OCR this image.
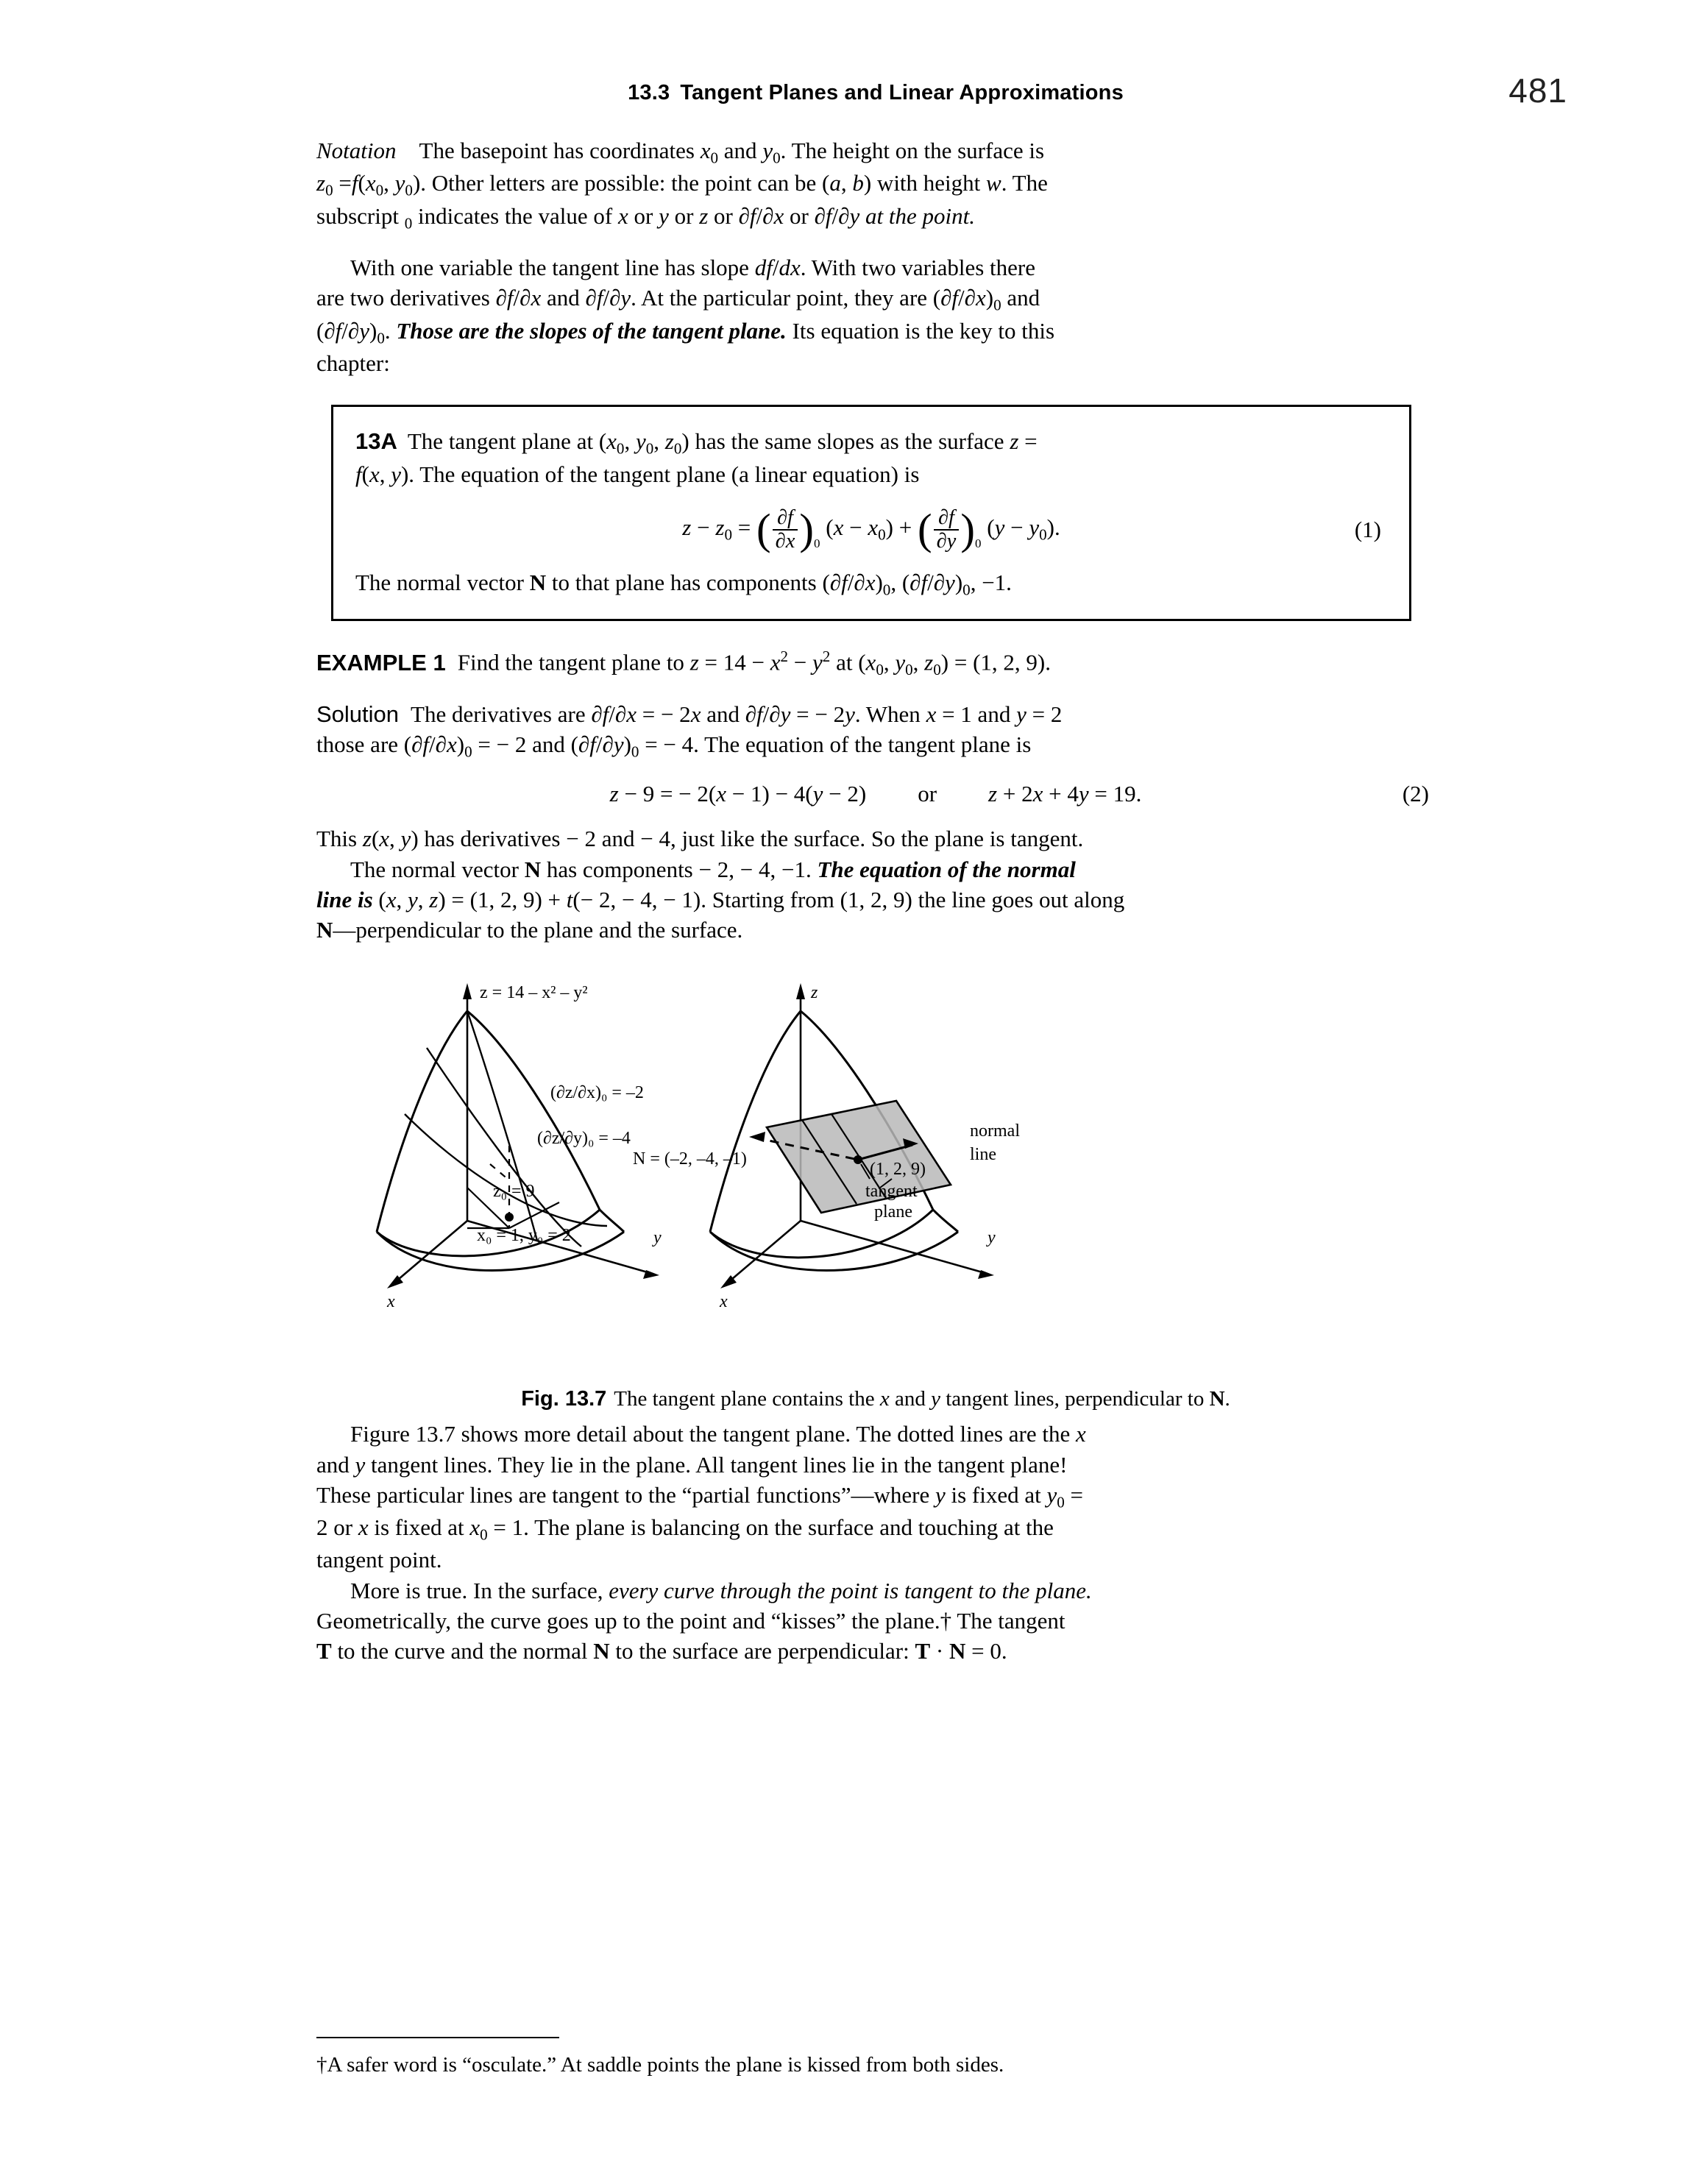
13.3 Tangent Planes and Linear Approximations	481

Notation    The basepoint has coordinates $x_0$ and $y_0$. The height on the surface is

$z_0 =f(x_0$, $y_0$). Other letters are possible: the point can be (a, b) with height w. The

subscript $_0$ indicates the value of x or y or z or ∂f/∂x or ∂f/∂y at the point.

With one variable the tangent line has slope df/dx. With two variables there

are two derivatives ∂f/∂x and ∂f/∂y. At the particular point, they are $(\partial f/\partial x)_0$ and

$(\partial f/\partial y)_0$. Those are the slopes of the tangent plane. Its equation is the key to this

chapter:

13A The tangent plane at ($x_0$, $y_0$, $z_0$) has the same slopes as the surface z =

f(x, y). The equation of the tangent plane (a linear equation) is

$z - z_0$ = ( $\frac{\partial f}{\partial x} )_0$ $(x - x_0)$ + ( $\frac{\partial f}{\partial y} )_0$ $(y - y_0)$.	(1)

The normal vector N to that plane has components $(\partial f/\partial x)_0$, $(\partial f/\partial y)_0$, −1.

EXAMPLE 1 Find the tangent plane to $z = 14 - x^2 - y^2$ at ($x_0$, $y_0$, $z_0) = (1$, 2, 9).

Solution The derivatives are ∂f/∂x = − 2x and ∂f/∂y = − 2y. When x = 1 and y = 2

those are $(\partial f/\partial x)_0$ = − 2 and $(\partial f/\partial y)_0$ = − 4. The equation of the tangent plane is

z − 9 = − 2(x − 1) − 4(y − 2) or z + 2x + 4y = 19.	(2)

This z(x, y) has derivatives − 2 and − 4, just like the surface. So the plane is tangent.

The normal vector N has components − 2, − 4, −1. The equation of the normal

line is (x, y, z) = (1, 2, 9) + t(− 2, − 4, − 1). Starting from (1, 2, 9) the line goes out along

N—perpendicular to the plane and the surface.

z = 14 – x² – y²
(∂z/∂x)₀ = –2
(∂z/∂y)₀ = –4
z₀ = 9
x₀ = 1, y₀ = 2	y
x
z
y
x
N = (–2, –4, –1)
(1, 2, 9)
tangent
plane
normal
line
Fig. 13.7 The tangent plane contains the x and y tangent lines, perpendicular to N.

Figure 13.7 shows more detail about the tangent plane. The dotted lines are the x

and y tangent lines. They lie in the plane. All tangent lines lie in the tangent plane!

These particular lines are tangent to the “partial functions”—where y is fixed at $y_0$ =

2 or x is fixed at $x_0 = 1$. The plane is balancing on the surface and touching at the

tangent point.

More is true. In the surface, every curve through the point is tangent to the plane.

Geometrically, the curve goes up to the point and “kisses” the plane.† The tangent

T to the curve and the normal N to the surface are perpendicular: T · N = 0.

†A safer word is “osculate.” At saddle points the plane is kissed from both sides.
